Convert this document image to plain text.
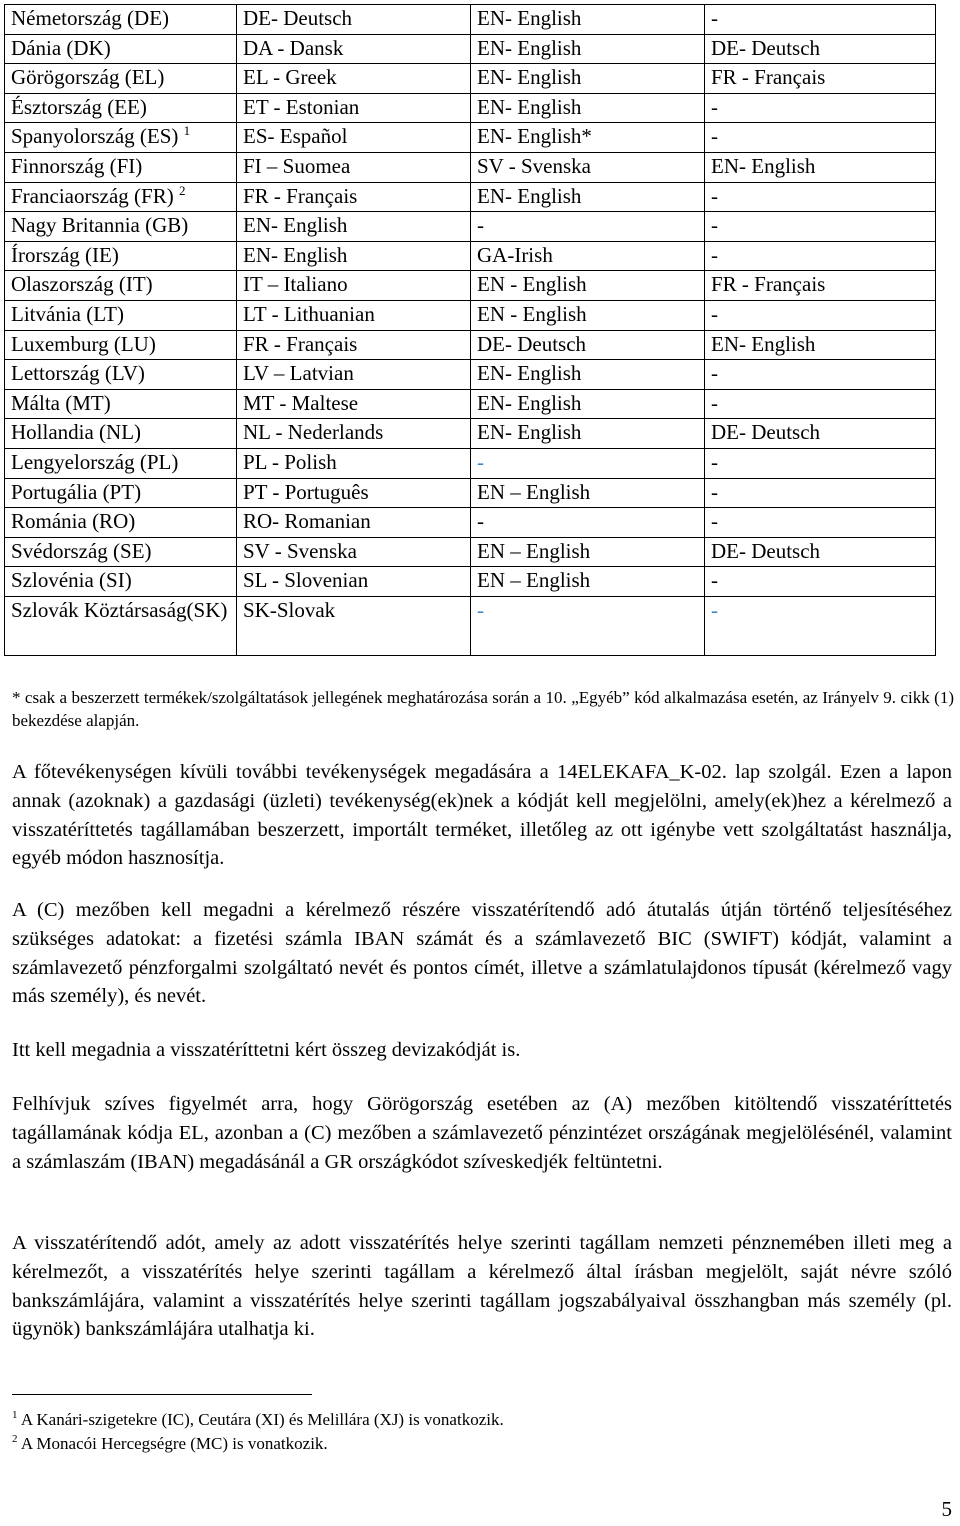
Németország (DE)	DE- Deutsch	EN- English	-
Dánia (DK)	DA - Dansk	EN- English	DE- Deutsch
Görögország (EL)	EL - Greek	EN- English	FR - Français
Észtország (EE)	ET - Estonian	EN- English	-
Spanyolország (ES) $^1$	ES- Español	EN- English*	-
Finnország (FI)	FI – Suomea	SV - Svenska	EN- English
Franciaország (FR) $^2$	FR - Français	EN- English	-
Nagy Britannia (GB)	EN- English	-	-
Írország (IE)	EN- English	GA-Irish	-
Olaszország (IT)	IT – Italiano	EN - English	FR - Français
Litvánia (LT)	LT - Lithuanian	EN - English	-
Luxemburg (LU)	FR - Français	DE- Deutsch	EN- English
Lettország (LV)	LV – Latvian	EN- English	-
Málta (MT)	MT - Maltese	EN- English	-
Hollandia (NL)	NL - Nederlands	EN- English	DE- Deutsch
Lengyelország (PL)	PL - Polish	-	-
Portugália (PT)	PT - Português	EN – English	-
Románia (RO)	RO- Romanian	-	-
Svédország (SE)	SV - Svenska	EN – English	DE- Deutsch
Szlovénia (SI)	SL - Slovenian	EN – English	-
Szlovák Köztársaság(SK)	SK-Slovak	-	-
* csak a beszerzett termékek/szolgáltatások jellegének meghatározása során a 10. „Egyéb” kód alkalmazása esetén, az Irányelv 9. cikk (1) bekezdése alapján.
A főtevékenységen kívüli további tevékenységek megadására a 14ELEKAFA_K-02. lap szolgál. Ezen a lapon annak (azoknak) a gazdasági (üzleti) tevékenység(ek)nek a kódját kell megjelölni, amely(ek)hez a kérelmező a visszatéríttetés tagállamában beszerzett, importált terméket, illetőleg az ott igénybe vett szolgáltatást használja, egyéb módon hasznosítja.
A (C) mezőben kell megadni a kérelmező részére visszatérítendő adó átutalás útján történő teljesítéséhez szükséges adatokat: a fizetési számla IBAN számát és a számlavezető BIC (SWIFT) kódját, valamint a számlavezető pénzforgalmi szolgáltató nevét és pontos címét, illetve a számlatulajdonos típusát (kérelmező vagy más személy), és nevét.
Itt kell megadnia a visszatéríttetni kért összeg devizakódját is.
Felhívjuk szíves figyelmét arra, hogy Görögország esetében az (A) mezőben kitöltendő visszatéríttetés tagállamának kódja EL, azonban a (C) mezőben a számlavezető pénzintézet országának megjelölésénél, valamint a számlaszám (IBAN) megadásánál a GR országkódot szíveskedjék feltüntetni.
A visszatérítendő adót, amely az adott visszatérítés helye szerinti tagállam nemzeti pénznemében illeti meg a kérelmezőt, a visszatérítés helye szerinti tagállam a kérelmező által írásban megjelölt, saját névre szóló bankszámlájára, valamint a visszatérítés helye szerinti tagállam jogszabályaival összhangban más személy (pl. ügynök) bankszámlájára utalhatja ki.
$^1$ A Kanári-szigetekre (IC), Ceutára (XI) és Melillára (XJ) is vonatkozik.
$^2$ A Monacói Hercegségre (MC) is vonatkozik.
5
